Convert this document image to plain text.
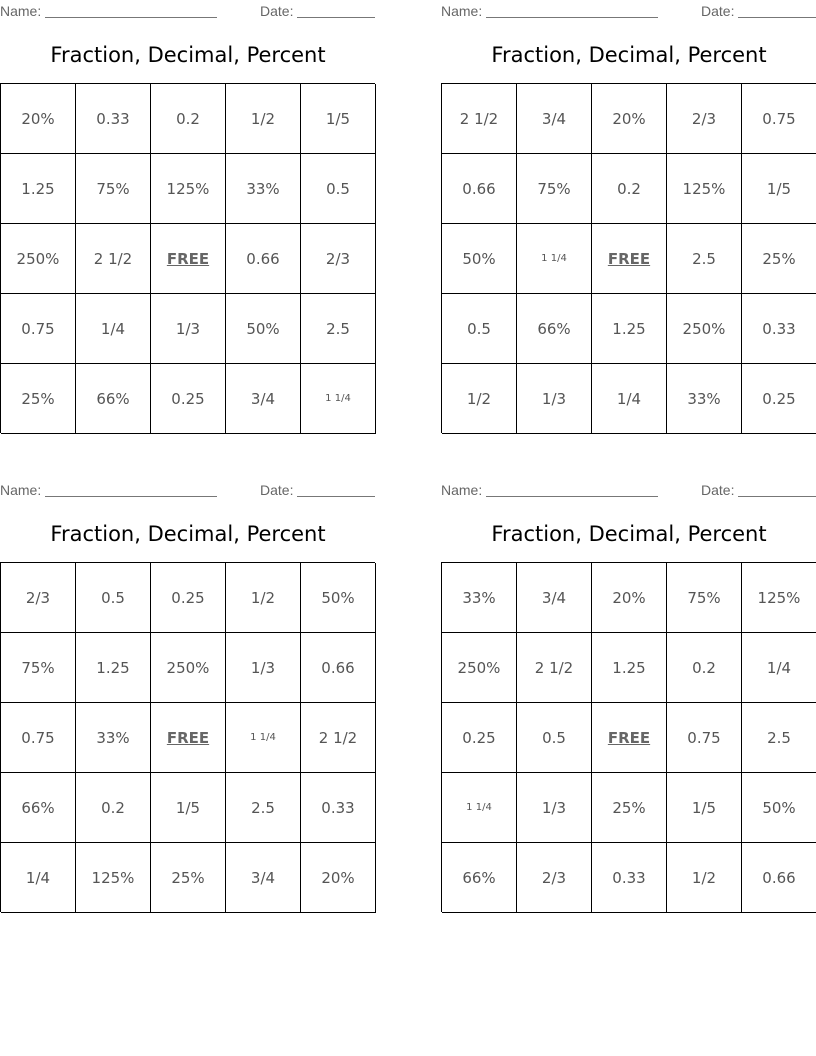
Name:	Date:
Fraction, Decimal, Percent
20%	0.33	0.2	1/2	1/5
1.25	75%	125%	33%	0.5
250%	2 1/2	FREE	0.66	2/3
0.75	1/4	1/3	50%	2.5
25%	66%	0.25	3/4	1 1/4
Name:	Date:
Fraction, Decimal, Percent
2 1/2	3/4	20%	2/3	0.75
0.66	75%	0.2	125%	1/5
50%	1 1/4	FREE	2.5	25%
0.5	66%	1.25	250%	0.33
1/2	1/3	1/4	33%	0.25
Name:	Date:
Fraction, Decimal, Percent
2/3	0.5	0.25	1/2	50%
75%	1.25	250%	1/3	0.66
0.75	33%	FREE	1 1/4	2 1/2
66%	0.2	1/5	2.5	0.33
1/4	125%	25%	3/4	20%
Name:	Date:
Fraction, Decimal, Percent
33%	3/4	20%	75%	125%
250%	2 1/2	1.25	0.2	1/4
0.25	0.5	FREE	0.75	2.5
1 1/4	1/3	25%	1/5	50%
66%	2/3	0.33	1/2	0.66
